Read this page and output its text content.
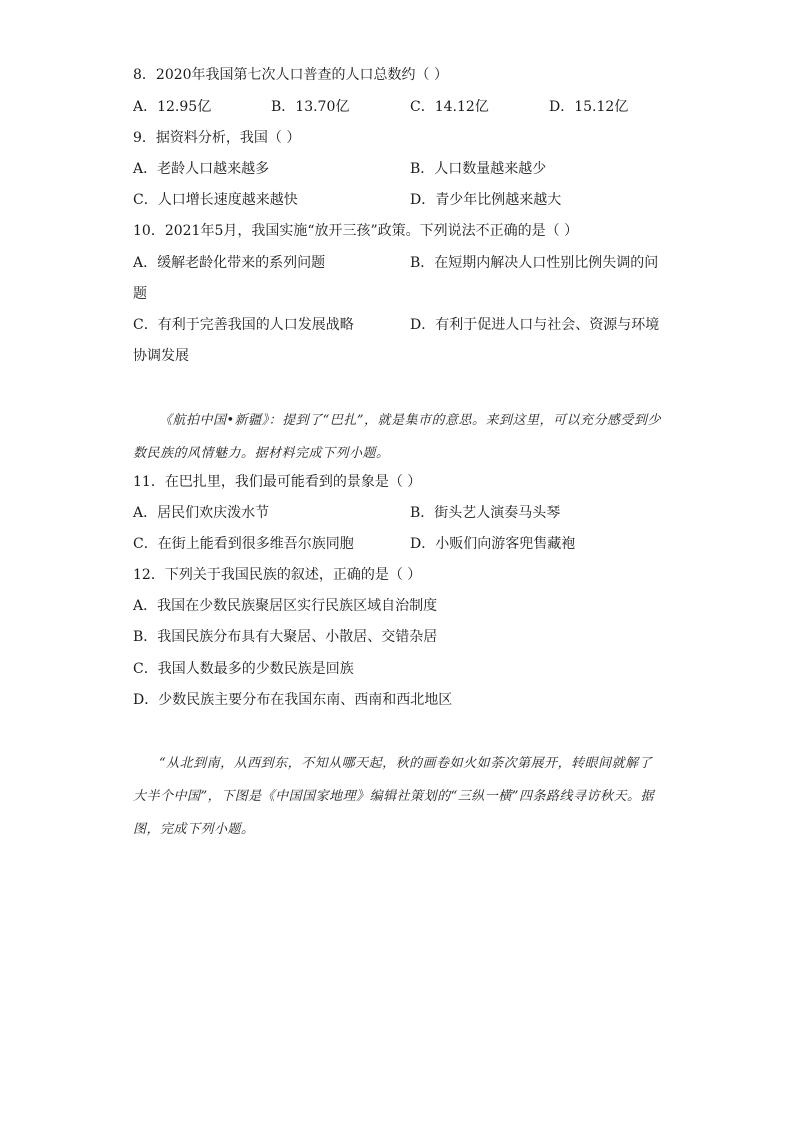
8．2020年我国第七次人口普查的人口总数约（ ）
A．12.95亿	B．13.70亿	C．14.12亿	D．15.12亿
9．据资料分析，我国（ ）
A．老龄人口越来越多	B．人口数量越来越少
C．人口增长速度越来越快	D．青少年比例越来越大
10．2021年5月，我国实施“放开三孩”政策。下列说法不正确的是（ ）
A．缓解老龄化带来的系列问题	B．在短期内解决人口性别比例失调的问
题
C．有利于完善我国的人口发展战略	D．有利于促进人口与社会、资源与环境
协调发展
《航拍中国•新疆》：提到了“巴扎”，就是集市的意思。来到这里，可以充分感受到少数民族的风情魅力。据材料完成下列小题。
11．在巴扎里，我们最可能看到的景象是（ ）
A．居民们欢庆泼水节	B．街头艺人演奏马头琴
C．在街上能看到很多维吾尔族同胞	D．小贩们向游客兜售藏袍
12．下列关于我国民族的叙述，正确的是（ ）
A．我国在少数民族聚居区实行民族区域自治制度
B．我国民族分布具有大聚居、小散居、交错杂居
C．我国人数最多的少数民族是回族
D．少数民族主要分布在我国东南、西南和西北地区
“从北到南，从西到东，不知从哪天起，秋的画卷如火如荼次第展开，转眼间就解了大半个中国”，下图是《中国国家地理》编辑社策划的“三纵一横”四条路线寻访秋天。据图，完成下列小题。
